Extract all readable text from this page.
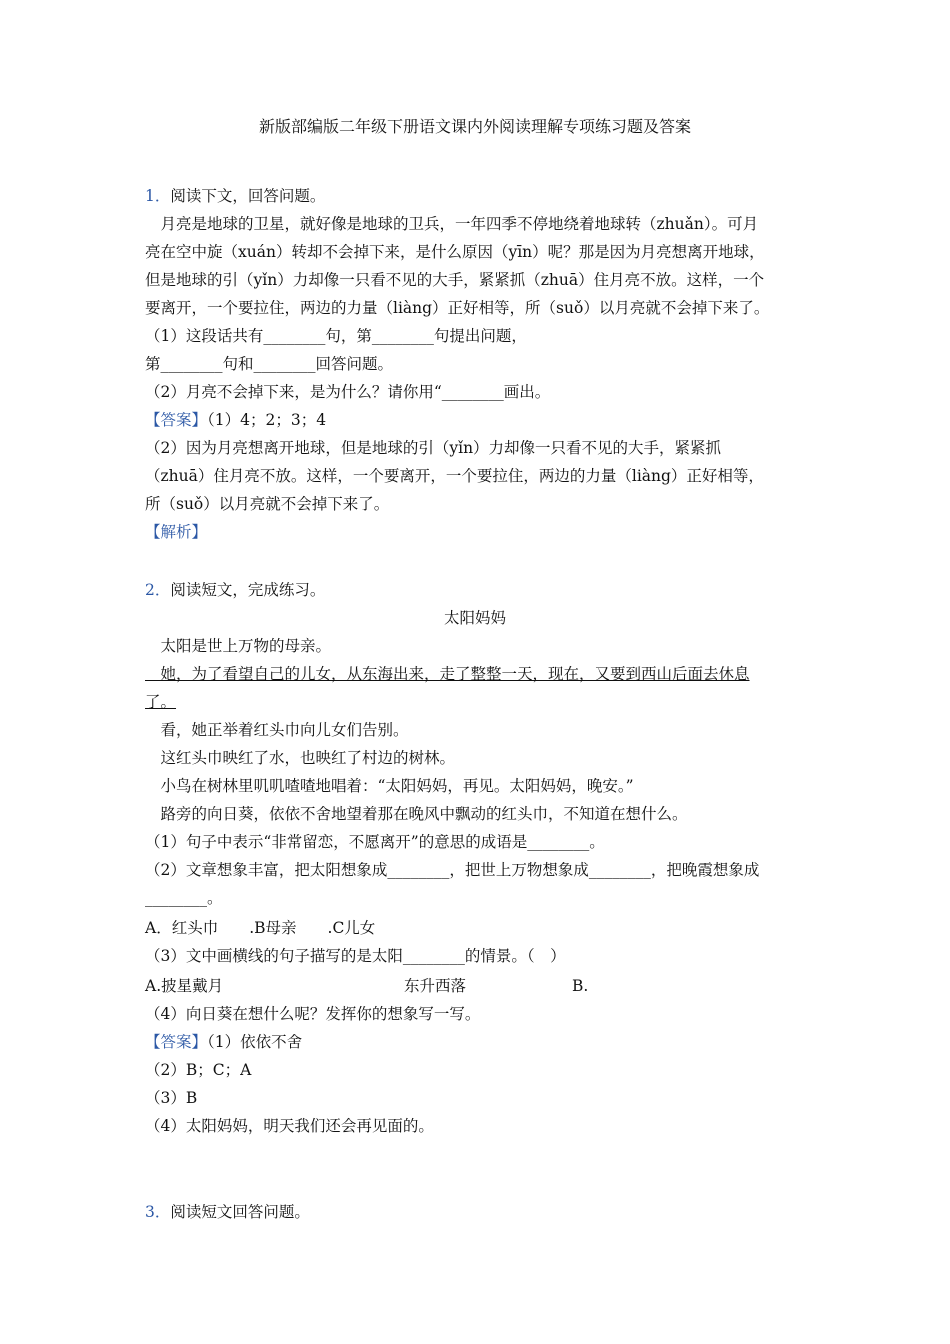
新版部编版二年级下册语文课内外阅读理解专项练习题及答案
1．阅读下文，回答问题。
　月亮是地球的卫星，就好像是地球的卫兵，一年四季不停地绕着地球转（zhuǎn）。可月
亮在空中旋（xuán）转却不会掉下来，是什么原因（yīn）呢？那是因为月亮想离开地球，
但是地球的引（yǐn）力却像一只看不见的大手，紧紧抓（zhuā）住月亮不放。这样，一个
要离开，一个要拉住，两边的力量（liàng）正好相等，所（suǒ）以月亮就不会掉下来了。
（1）这段话共有________句，第________句提出问题，
第________句和________回答问题。
（2）月亮不会掉下来，是为什么？请你用“________画出。
【答案】（1）4；2；3；4
（2）因为月亮想离开地球，但是地球的引（yǐn）力却像一只看不见的大手，紧紧抓
（zhuā）住月亮不放。这样，一个要离开，一个要拉住，两边的力量（liàng）正好相等，
所（suǒ）以月亮就不会掉下来了。
【解析】
2．阅读短文，完成练习。
太阳妈妈
　太阳是世上万物的母亲。
　她，为了看望自己的儿女，从东海出来，走了整整一天，现在，又要到西山后面去休息
了。
　看，她正举着红头巾向儿女们告别。
　这红头巾映红了水，也映红了村边的树林。
　小鸟在树林里叽叽喳喳地唱着：“太阳妈妈，再见。太阳妈妈，晚安。”
　路旁的向日葵，依依不舍地望着那在晚风中飘动的红头巾，不知道在想什么。
（1）句子中表示“非常留恋，不愿离开”的意思的成语是________。
（2）文章想象丰富，把太阳想象成________，把世上万物想象成________，把晚霞想象成
________。
A．红头巾　　.B母亲　　.C儿女
（3）文中画横线的句子描写的是太阳________的情景。（　）
A.披星戴月	东升西落	B.
（4）向日葵在想什么呢？发挥你的想象写一写。
【答案】（1）依依不舍
（2）B；C；A
（3）B
（4）太阳妈妈，明天我们还会再见面的。
3．阅读短文回答问题。
